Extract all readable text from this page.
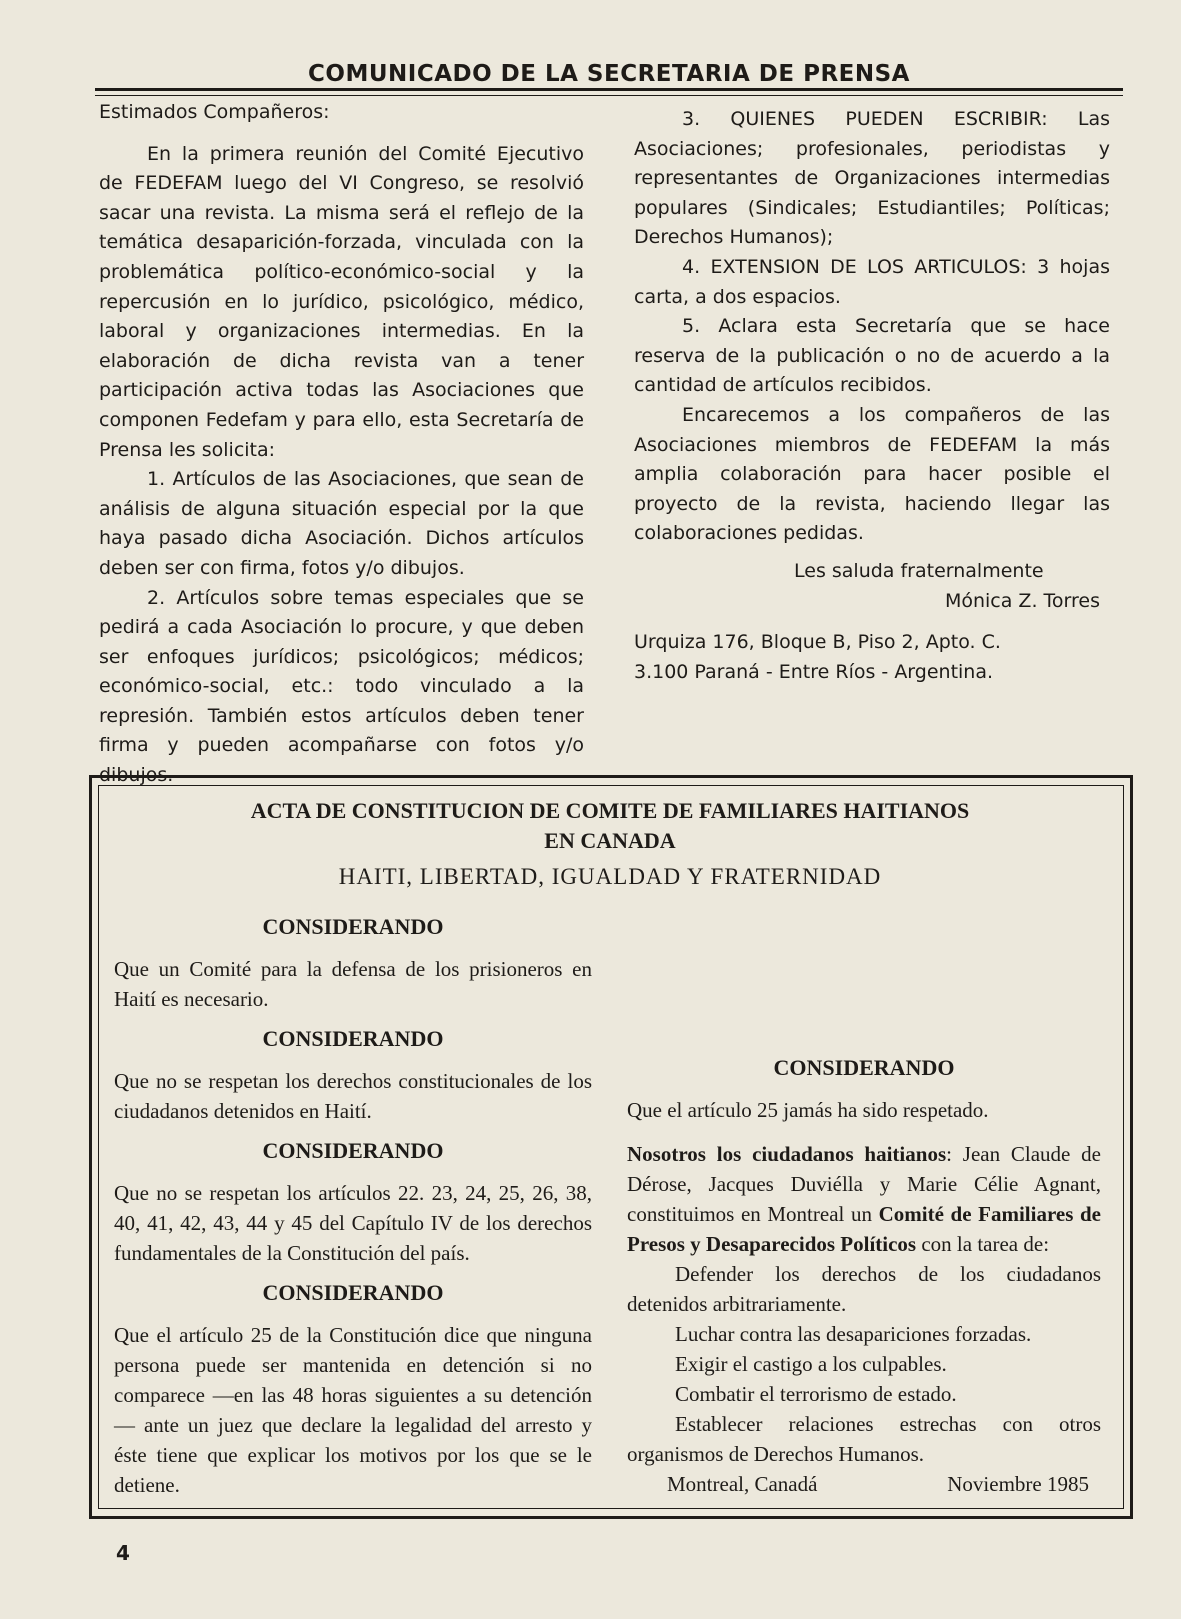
COMUNICADO DE LA SECRETARIA DE PRENSA

Estimados Compañeros:

En la primera reunión del Comité Ejecutivo de FEDEFAM luego del VI Congreso, se resolvió sacar una revista. La misma será el reflejo de la temática desaparición-forzada, vinculada con la problemática político-económico-social y la repercusión en lo jurídico, psicológico, médico, laboral y organizaciones intermedias. En la elaboración de dicha revista van a tener participación activa todas las Asociaciones que componen Fedefam y para ello, esta Secretaría de Prensa les solicita:

1. Artículos de las Asociaciones, que sean de análisis de alguna situación especial por la que haya pasado dicha Asociación. Dichos artículos deben ser con firma, fotos y/o dibujos.

2. Artículos sobre temas especiales que se pedirá a cada Asociación lo procure, y que deben ser enfoques jurídicos; psicológicos; médicos; económico-social, etc.: todo vinculado a la represión. También estos artículos deben tener firma y pueden acompañarse con fotos y/o dibujos.

3. QUIENES PUEDEN ESCRIBIR: Las Asociaciones; profesionales, periodistas y representantes de Organizaciones intermedias populares (Sindicales; Estudiantiles; Políticas; Derechos Humanos);

4. EXTENSION DE LOS ARTICULOS: 3 hojas carta, a dos espacios.

5. Aclara esta Secretaría que se hace reserva de la publicación o no de acuerdo a la cantidad de artículos recibidos.

Encarecemos a los compañeros de las Asociaciones miembros de FEDEFAM la más amplia colaboración para hacer posible el proyecto de la revista, haciendo llegar las colaboraciones pedidas.

Les saluda fraternalmente

Mónica Z. Torres

Urquiza 176, Bloque B, Piso 2, Apto. C.

3.100 Paraná - Entre Ríos - Argentina.

ACTA DE CONSTITUCION DE COMITE DE FAMILIARES HAITIANOS
EN CANADA
HAITI, LIBERTAD, IGUALDAD Y FRATERNIDAD

CONSIDERANDO

Que un Comité para la defensa de los prisioneros en Haití es necesario.

CONSIDERANDO

Que no se respetan los derechos constitucionales de los ciudadanos detenidos en Haití.

CONSIDERANDO

Que no se respetan los artículos 22. 23, 24, 25, 26, 38, 40, 41, 42, 43, 44 y 45 del Capítulo IV de los derechos fundamentales de la Constitución del país.

CONSIDERANDO

Que el artículo 25 de la Constitución dice que ninguna persona puede ser mantenida en detención si no comparece —en las 48 horas siguientes a su detención— ante un juez que declare la legalidad del arresto y éste tiene que explicar los motivos por los que se le detiene.

CONSIDERANDO

Que el artículo 25 jamás ha sido respetado.

Nosotros los ciudadanos haitianos: Jean Claude de Dérose, Jacques Duviélla y Marie Célie Agnant, constituimos en Montreal un Comité de Familiares de Presos y Desaparecidos Políticos con la tarea de:

Defender los derechos de los ciudadanos detenidos arbitrariamente.

Luchar contra las desapariciones forzadas.

Exigir el castigo a los culpables.

Combatir el terrorismo de estado.

Establecer relaciones estrechas con otros organismos de Derechos Humanos.

Montreal, Canadá	Noviembre 1985

4
